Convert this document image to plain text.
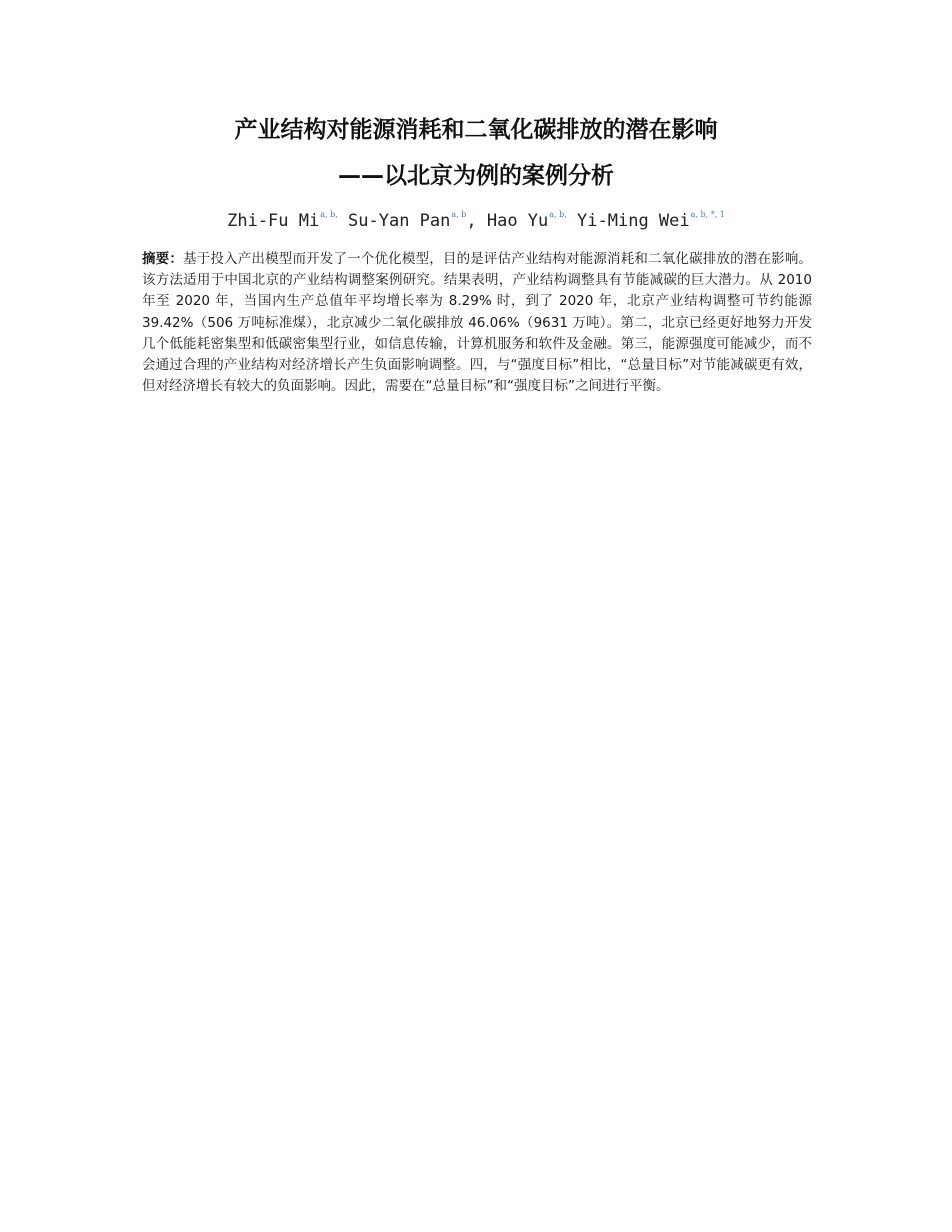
产业结构对能源消耗和二氧化碳排放的潜在影响
——以北京为例的案例分析
Zhi-Fu Mi$^{a, b,}$ Su-Yan Pan$^{a, b}$, Hao Yu$^{a, b,}$ Yi-Ming Wei$^{a, b, *, 1}$

摘要：基于投入产出模型而开发了一个优化模型，目的是评估产业结构对能源消耗和二氧化碳排放的潜在影响。该方法适用于中国北京的产业结构调整案例研究。结果表明，产业结构调整具有节能减碳的巨大潜力。从 2010 年至 2020 年，当国内生产总值年平均增长率为 8.29% 时，到了 2020 年，北京产业结构调整可节约能源 39.42%（506 万吨标准煤），北京减少二氧化碳排放 46.06%（9631 万吨）。第二，北京已经更好地努力开发几个低能耗密集型和低碳密集型行业，如信息传输，计算机服务和软件及金融。第三，能源强度可能减少，而不会通过合理的产业结构对经济增长产生负面影响调整。四，与“强度目标”相比，“总量目标”对节能减碳更有效，但对经济增长有较大的负面影响。因此，需要在“总量目标”和“强度目标”之间进行平衡。
